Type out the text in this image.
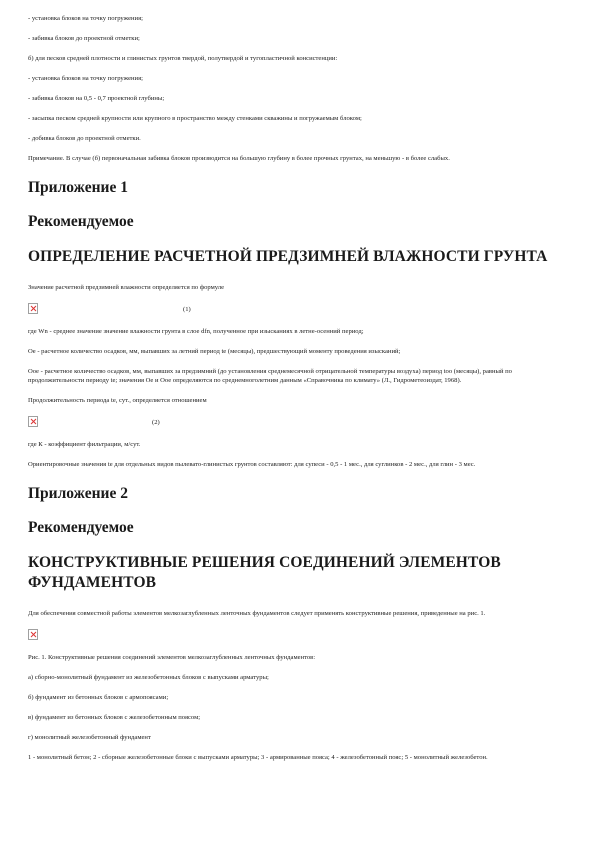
- установка блоков на точку погружения;

- забивка блоков до проектной отметки;

б) для песков средней плотности и глинистых грунтов твердой, полутвердой и тугопластичной консистенции:

- установка блоков на точку погружения;

- забивка блоков на 0,5 - 0,7 проектной глубины;

- засыпка песком средней крупности или крупного в пространство между стенками скважины и погружаемым блоком;

- добивка блоков до проектной отметки.

Примечание. В случае (б) первоначальная забивка блоков производится на большую глубину в более прочных грунтах, на меньшую - в более слабых.

Приложение 1
Рекомендуемое
ОПРЕДЕЛЕНИЕ РАСЧЕТНОЙ ПРЕДЗИМНЕЙ ВЛАЖНОСТИ ГРУНТА

Значение расчетной предзимней влажности определяется по формуле

(1)

где Wn - среднее значение значение влажности грунта в слое dfn, полученное при изысканиях в летне-осенний период;

Ое - расчетное количество осадков, мм, выпавших за летний период te (месяцы), предшествующий моменту проведения изысканий;

Ооe - расчетное количество осадков, мм, выпавших за предзимний (до установления среднемесячной отрицательной температуры воздуха) период too (месяцы), равный по продолжительности периоду te; значения Ое и Ооe определяются по среднемноголетним данным «Справочника по климату» (Л., Гидрометеоиздат, 1968).

Продолжительность периода te, сут., определяется отношением

(2)

где К - коэффициент фильтрации, м/сут.

Ориентировочные значения te для отдельных видов пылевато-глинистых грунтов составляют: для супеси - 0,5 - 1 мес., для суглинков - 2 мес., для глин - 3 мес.

Приложение 2
Рекомендуемое
КОНСТРУКТИВНЫЕ РЕШЕНИЯ СОЕДИНЕНИЙ ЭЛЕМЕНТОВ ФУНДАМЕНТОВ

Для обеспечения совместной работы элементов мелкозаглубленных ленточных фундаментов следует применять конструктивные решения, приведенные на рис. 1.

Рис. 1. Конструктивные решения соединений элементов мелкозаглубленных ленточных фундаментов:

а) сборно-монолитный фундамент из железобетонных блоков с выпусками арматуры;

б) фундамент из бетонных блоков с армопоясами;

в) фундамент из бетонных блоков с железобетонным поясом;

г) монолитный железобетонный фундамент

1 - монолитный бетон; 2 - сборные железобетонные блоки с выпусками арматуры; 3 - армированные пояса; 4 - железобетонный пояс; 5 - монолитный железобетон.
